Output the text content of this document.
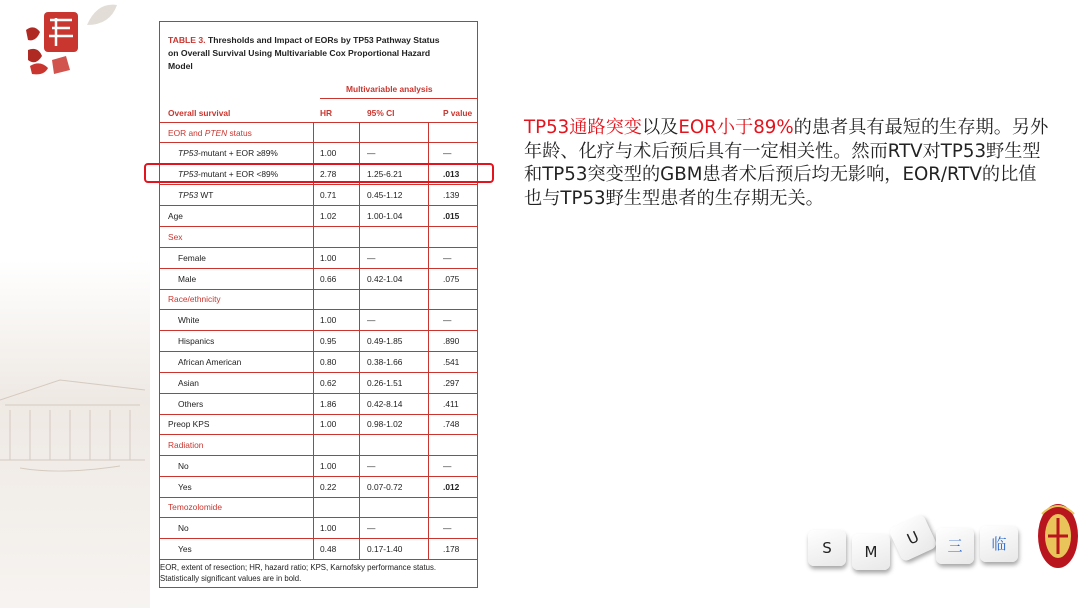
TABLE 3. Thresholds and Impact of EORs by TP53 Pathway Status
on Overall Survival Using Multivariable Cox Proportional Hazard
Model
Multivariable analysis
Overall survival	HR	95% CI	P value
EOR and PTEN status
TP53-mutant + EOR ≥89%	1.00	—	—
TP53-mutant + EOR <89%	2.78	1.25-6.21	.013
TP53 WT	0.71	0.45-1.12	.139
Age	1.02	1.00-1.04	.015
Sex
Female	1.00	—	—
Male	0.66	0.42-1.04	.075
Race/ethnicity
White	1.00	—	—
Hispanics	0.95	0.49-1.85	.890
African American	0.80	0.38-1.66	.541
Asian	0.62	0.26-1.51	.297
Others	1.86	0.42-8.14	.411
Preop KPS	1.00	0.98-1.02	.748
Radiation
No	1.00	—	—
Yes	0.22	0.07-0.72	.012
Temozolomide
No	1.00	—	—
Yes	0.48	0.17-1.40	.178
EOR, extent of resection; HR, hazard ratio; KPS, Karnofsky performance status.
Statistically significant values are in bold.
TP53通路突变以及EOR小于89%的患者具有最短的生存期。另外年龄、化疗与术后预后具有一定相关性。然而RTV对TP53野生型和TP53突变型的GBM患者术后预后均无影响，EOR/RTV的比值也与TP53野生型患者的生存期无关。
S	M
U	三	临
